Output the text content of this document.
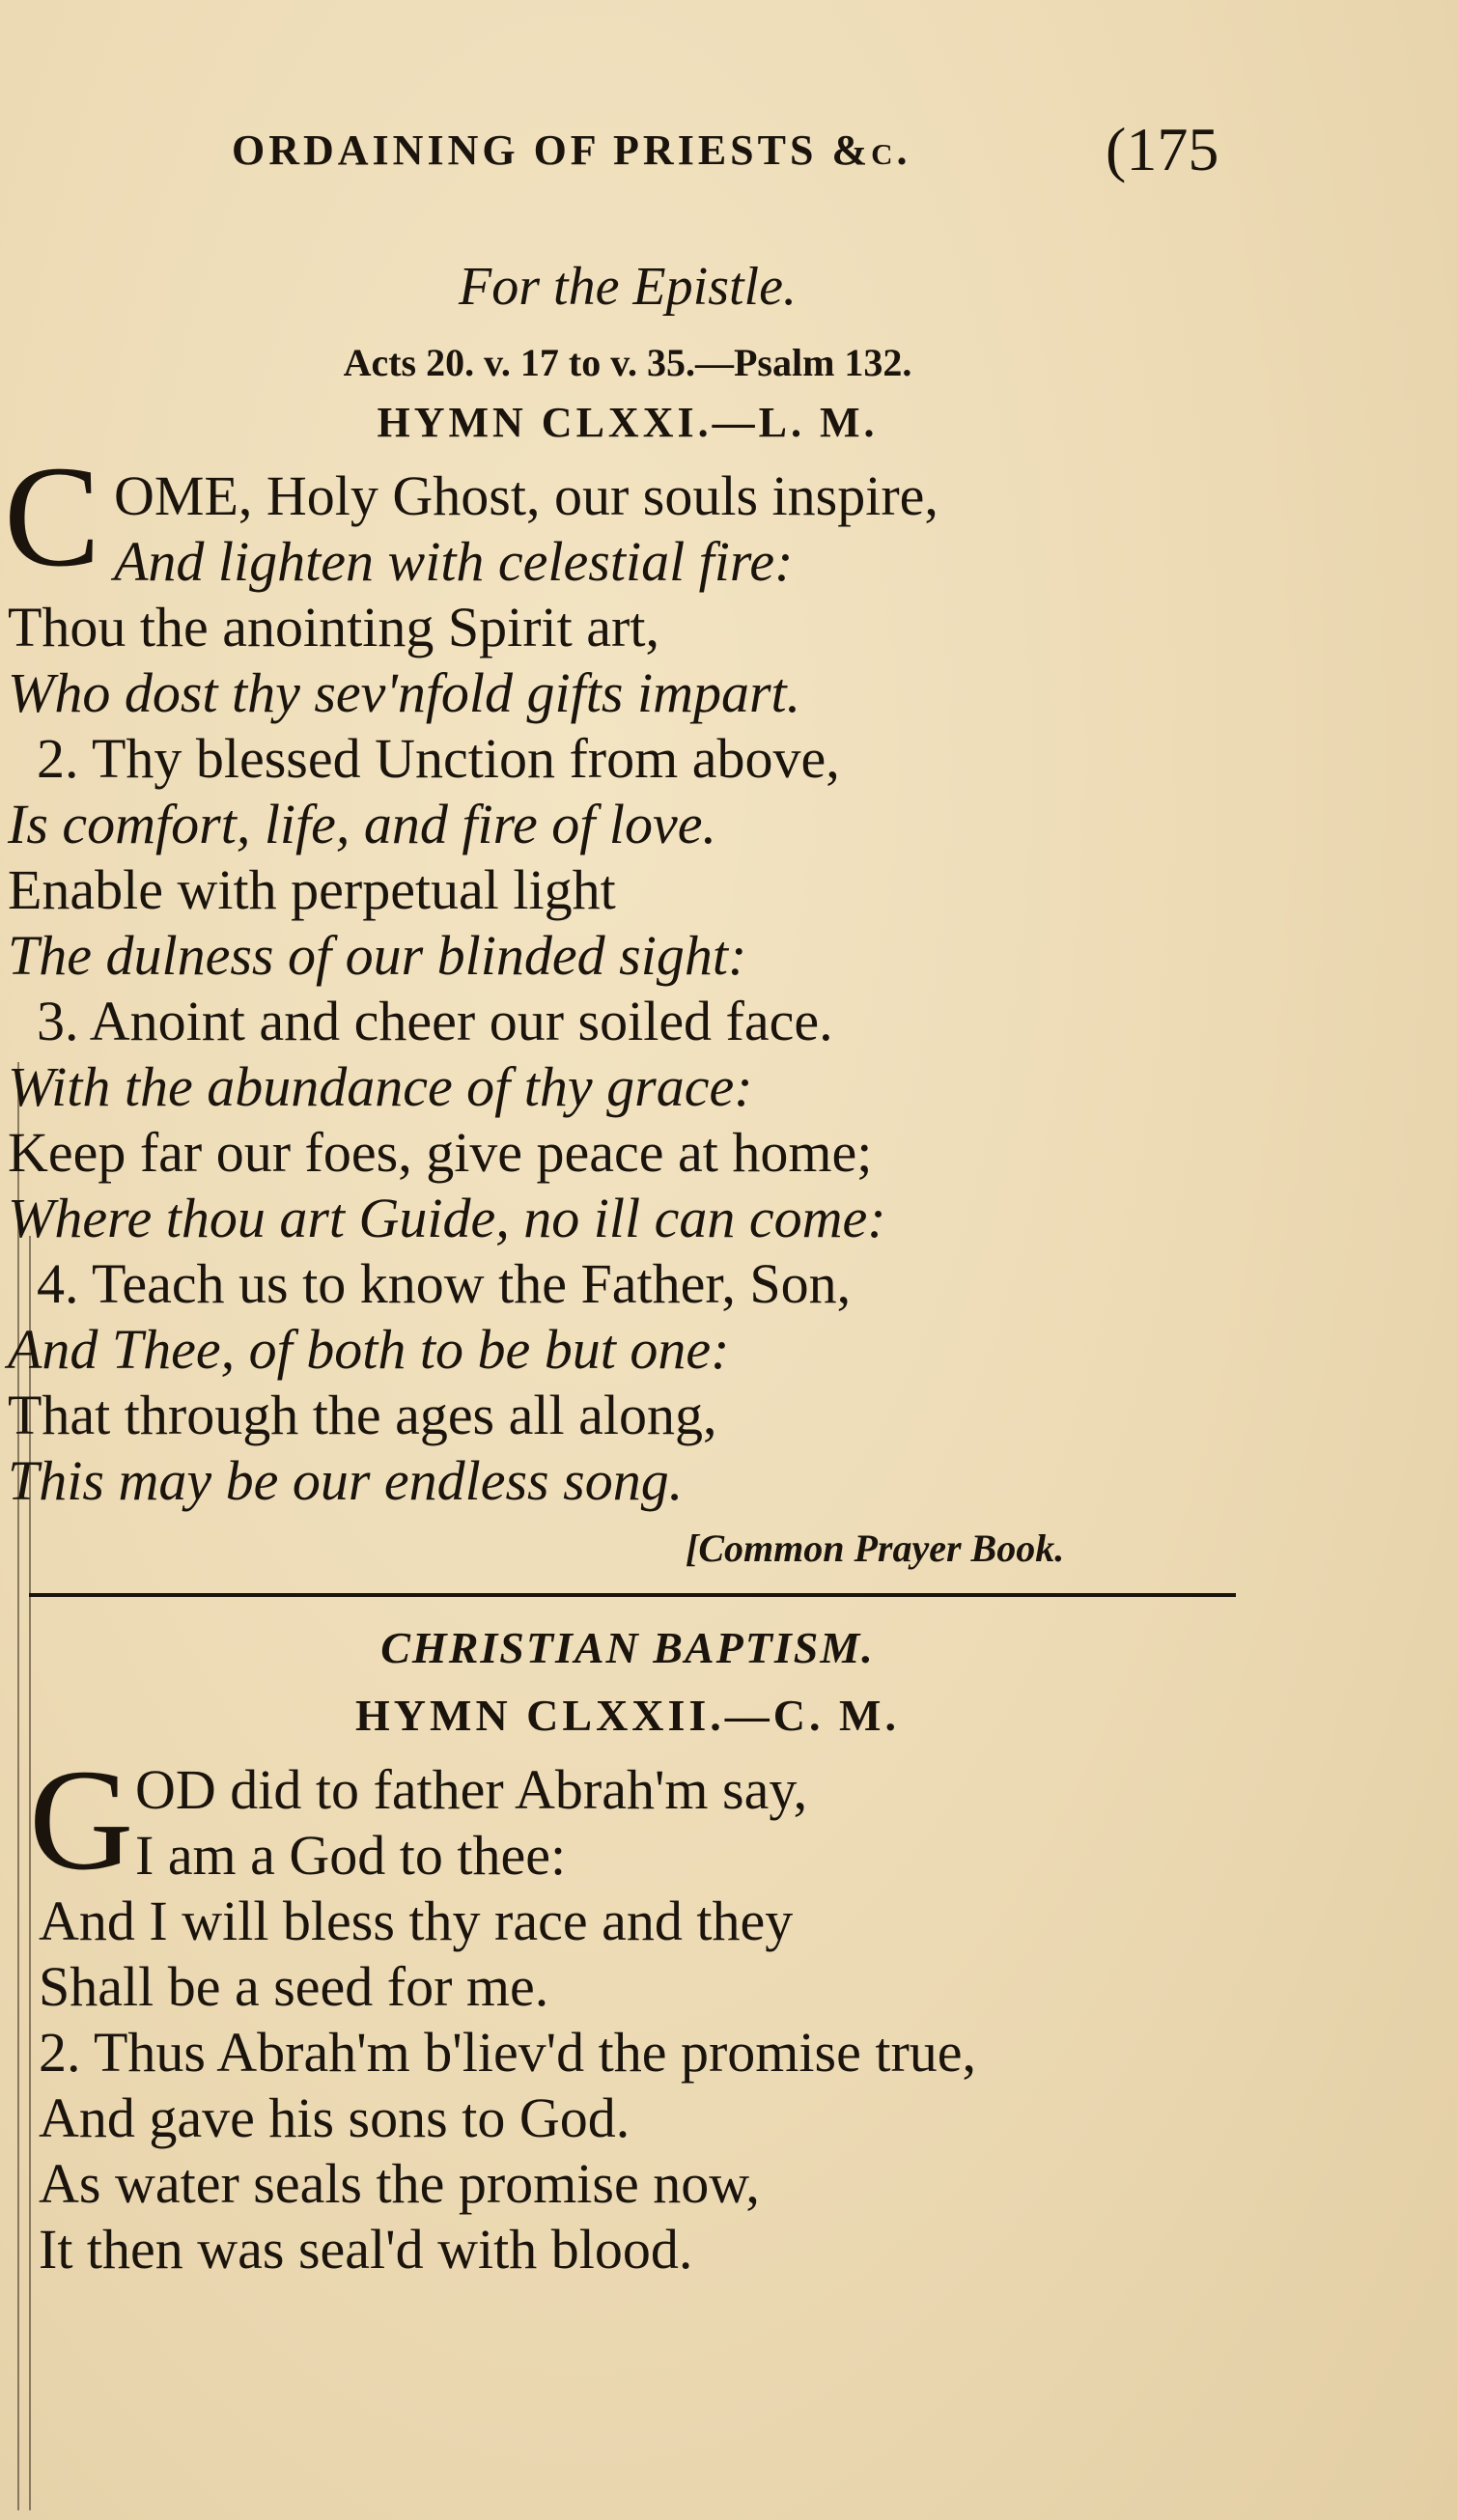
ORDAINING OF PRIESTS &c.	(175
For the Epistle.
Acts 20. v. 17 to v. 35.—Psalm 132.
HYMN CLXXI.—L. M.
C OME, Holy Ghost, our souls inspire,
And lighten with celestial fire:
Thou the anointing Spirit art,
Who dost thy sev'nfold gifts impart.
2. Thy blessed Unction from above,
Is comfort, life, and fire of love.
Enable with perpetual light
The dulness of our blinded sight:
3. Anoint and cheer our soiled face.
With the abundance of thy grace:
Keep far our foes, give peace at home;
Where thou art Guide, no ill can come:
4. Teach us to know the Father, Son,
And Thee, of both to be but one:
That through the ages all along,
This may be our endless song.
[Common Prayer Book.
CHRISTIAN BAPTISM.
HYMN CLXXII.—C. M.
G OD did to father Abrah'm say,
I am a God to thee:
And I will bless thy race and they
Shall be a seed for me.
2. Thus Abrah'm b'liev'd the promise true,
And gave his sons to God.
As water seals the promise now,
It then was seal'd with blood.
